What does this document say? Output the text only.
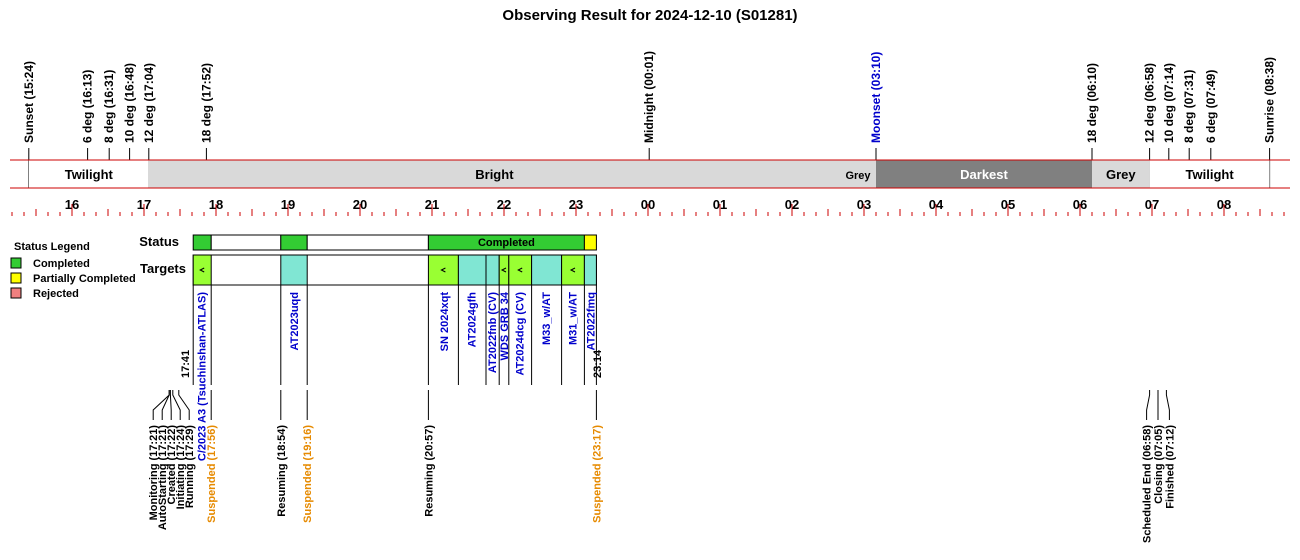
Observing Result for 2024-12-10 (S01281)
Sunset (15:24)	6 deg (16:13) 8 deg (16:31) 10 deg (16:48) 12 deg (17:04)	18 deg (17:52)	Midnight (00:01)	Moonset (03:10)	18 deg (06:10)	12 deg (06:58) 10 deg (07:14) 8 deg (07:31) 6 deg (07:49)	Sunrise (08:38)
Twilight	Bright	Grey	Darkest	Grey	Twilight
16	17	18	19	20	21	22	23	00	01	02	03	04	05	06	07	08
Status	Completed
Targets
C/2023 A3 (Tsuchinshan-ATLAS)	AT2023uqd	SN 2024xqt AT2024gfh AT2022fnb (CV) WDS GRB 34 AT2024dcg (CV) M33_w/AT M31_w/AT AT2022fmq
17:41	23:14
Monitoring (17:21)
AutoStarting (17:21)
Created (17:22)
Initiating (17:24)
Running (17:29) Suspended (17:56)	Resuming (18:54) Suspended (19:16)	Resuming (20:57)	Suspended (23:17)	Scheduled End (06:58) Closing (07:05) Finished (07:12)
Status Legend
Completed
Partially Completed
Rejected
